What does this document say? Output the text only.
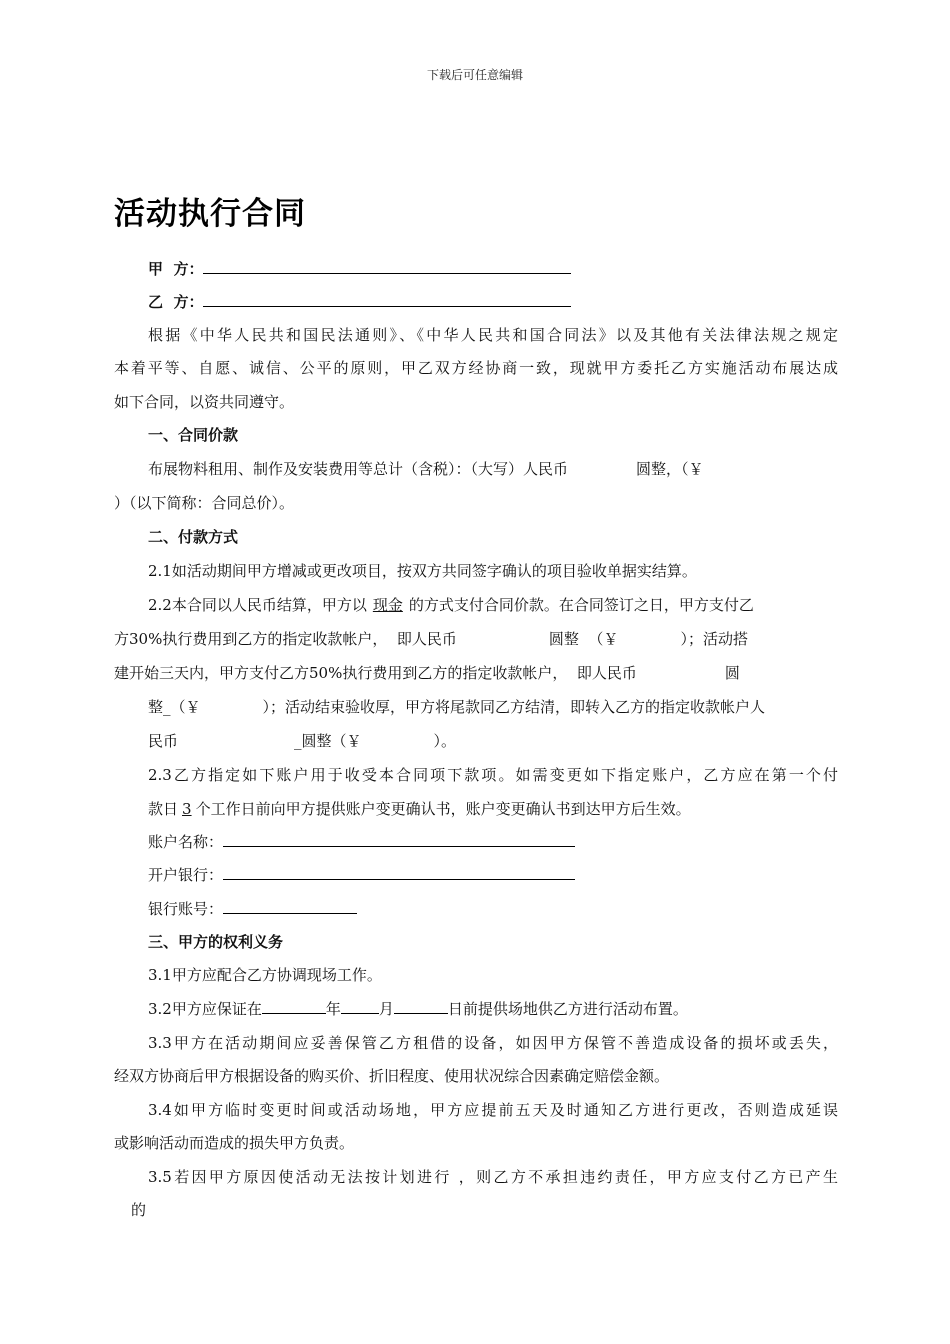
下载后可任意编辑
活动执行合同
甲  方：
乙  方：
根据《中华人民共和国民法通则》、《中华人民共和国合同法》以及其他有关法律法规之规定
本着平等、自愿、诚信、公平的原则，甲乙双方经协商一致，现就甲方委托乙方实施活动布展达成
如下合同，以资共同遵守。
一、合同价款
布展物料租用、制作及安装费用等总计（含税）：（大写）人民币	圆整，（￥
）（以下简称：合同总价）。
二、付款方式
2.1如活动期间甲方增减或更改项目，按双方共同签字确认的项目验收单据实结算。
2.2本合同以人民币结算，甲方以 现金 的方式支付合同价款。在合同签订之日，甲方支付乙
方30%执行费用到乙方的指定收款帐户，  即人民币	圆整  （￥	）；活动搭
建开始三天内，甲方支付乙方50%执行费用到乙方的指定收款帐户，  即人民币	圆
整_（￥	）；活动结束验收厚，甲方将尾款同乙方结清，即转入乙方的指定收款帐户人
民币	_圆整（￥	）。
2.3乙方指定如下账户用于收受本合同项下款项。如需变更如下指定账户，乙方应在第一个付
款日 3 个工作日前向甲方提供账户变更确认书，账户变更确认书到达甲方后生效。
账户名称：
开户银行：
银行账号：
三、甲方的权利义务
3.1甲方应配合乙方协调现场工作。
3.2甲方应保证在	年	月	日前提供场地供乙方进行活动布置。
3.3甲方在活动期间应妥善保管乙方租借的设备，如因甲方保管不善造成设备的损坏或丢失，
经双方协商后甲方根据设备的购买价、折旧程度、使用状况综合因素确定赔偿金额。
3.4如甲方临时变更时间或活动场地，甲方应提前五天及时通知乙方进行更改，否则造成延误
或影响活动而造成的损失甲方负责。
3.5若因甲方原因使活动无法按计划进行 ，则乙方不承担违约责任，甲方应支付乙方已产生
的
